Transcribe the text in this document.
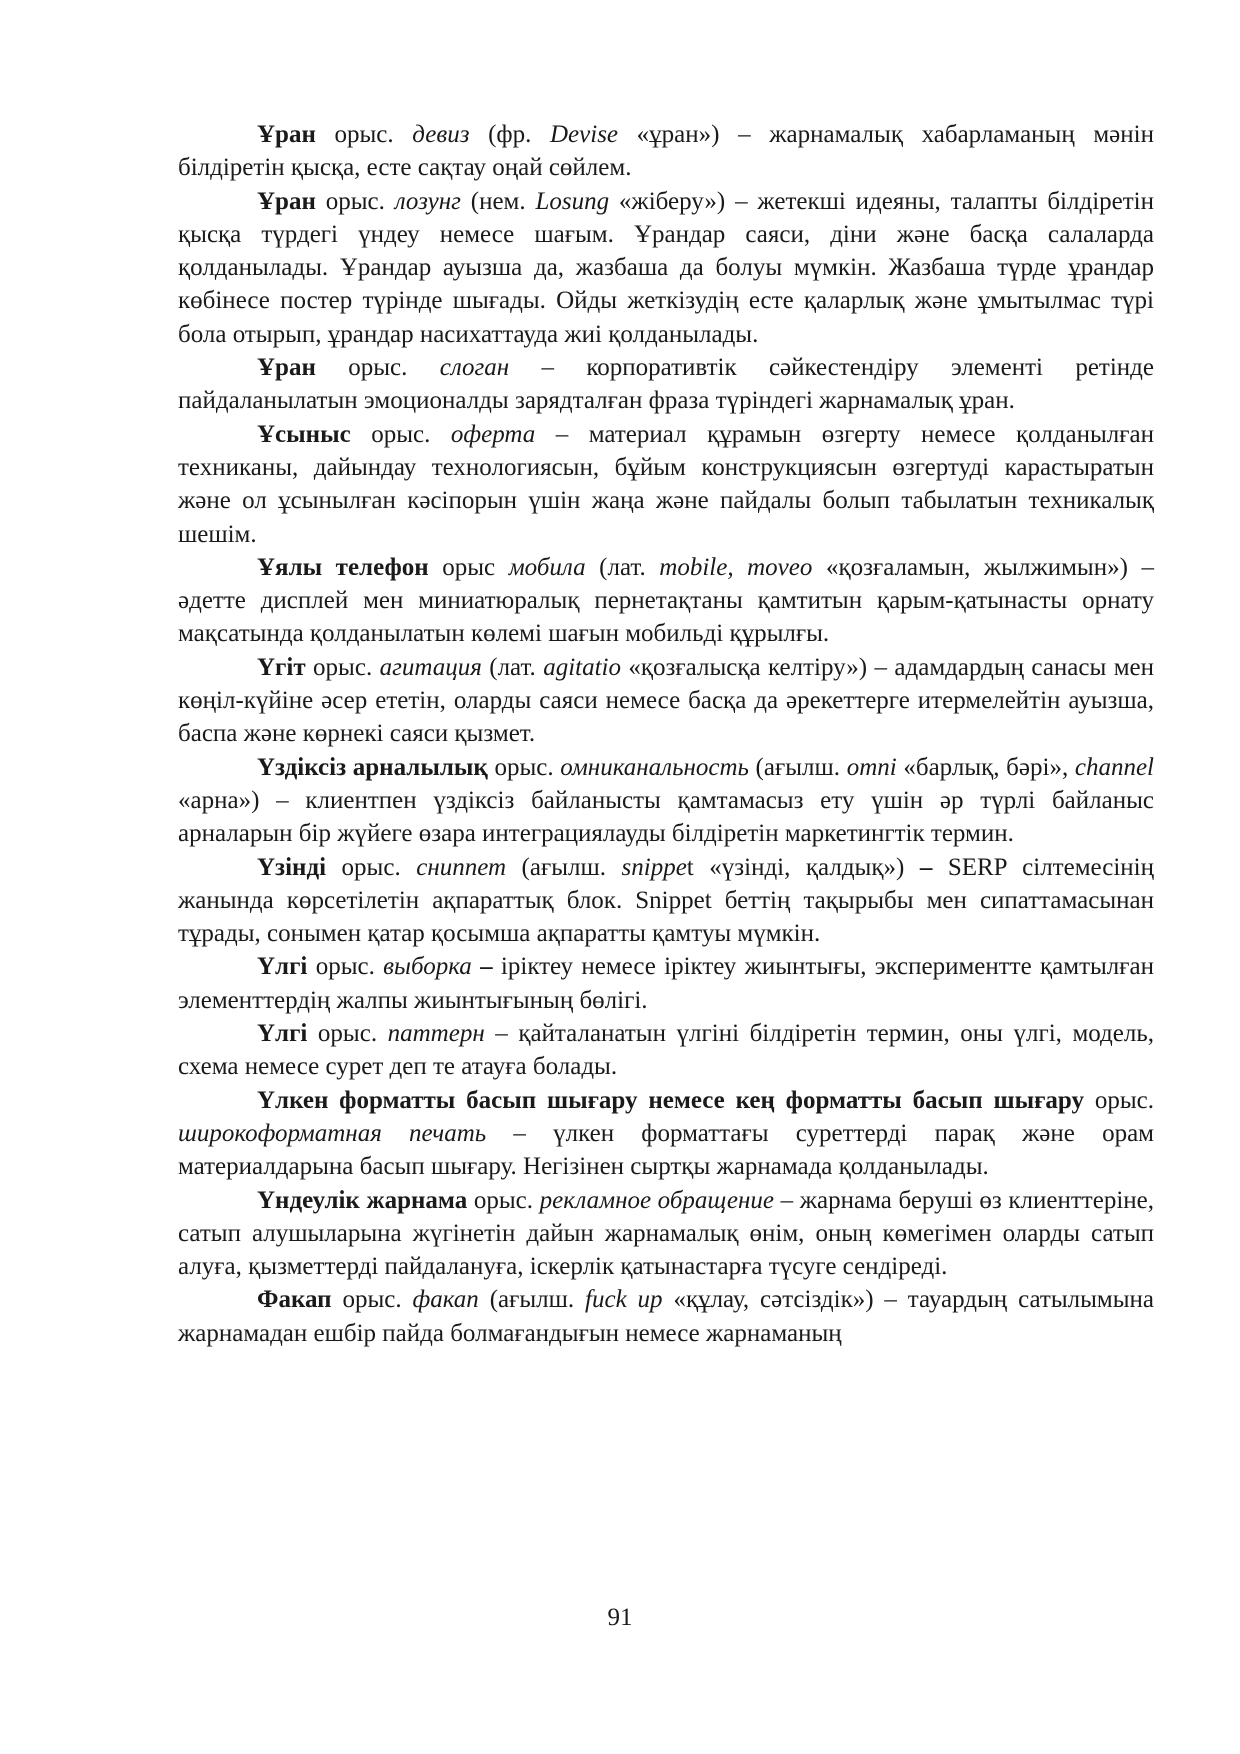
Ұран орыс. девиз (фр. Devise «ұран») – жарнамалық хабарламаның мәнін білдіретін қысқа, есте сақтау оңай сөйлем.

Ұран орыс. лозунг (нем. Losung «жіберу») – жетекші идеяны, талапты білдіретін қысқа түрдегі үндеу немесе шағым. Ұрандар саяси, діни және басқа салаларда қолданылады. Ұрандар ауызша да, жазбаша да болуы мүмкін. Жазбаша түрде ұрандар көбінесе постер түрінде шығады. Ойды жеткізудің есте қаларлық және ұмытылмас түрі бола отырып, ұрандар насихаттауда жиі қолданылады.

Ұран орыс. слоган – корпоративтік сәйкестендіру элементі ретінде пайдаланылатын эмоционалды зарядталған фраза түріндегі жарнамалық ұран.

Ұсыныс орыс. оферта – материал құрамын өзгерту немесе қолданылған техниканы, дайындау технологиясын, бұйым конструкциясын өзгертуді карастыратын және ол ұсынылған кәсіпорын үшін жаңа және пайдалы болып табылатын техникалық шешім.

Ұялы телефон орыс мобила (лат. mobile, moveo «қозғаламын, жылжимын») – әдетте дисплей мен миниатюралық пернетақтаны қамтитын қарым-қатынасты орнату мақсатында қолданылатын көлемі шағын мобильді құрылғы.

Үгіт орыс. агитация (лат. agitatio «қозғалысқа келтіру») – адамдардың санасы мен көңіл-күйіне әсер ететін, оларды саяси немесе басқа да әрекеттерге итермелейтін ауызша, баспа және көрнекі саяси қызмет.

Үздіксіз арналылық орыс. омниканальность (ағылш. omni «барлық, бәрі», channel «арна») – клиентпен үздіксіз байланысты қамтамасыз ету үшін әр түрлі байланыс арналарын бір жүйеге өзара интеграциялауды білдіретін маркетингтік термин.

Үзінді орыс. сниппет (ағылш. snippet «үзінді, қалдық») – SERP сілтемесінің жанында көрсетілетін ақпараттық блок. Snippet беттің тақырыбы мен сипаттамасынан тұрады, сонымен қатар қосымша ақпаратты қамтуы мүмкін.

Үлгі орыс. выборка – іріктеу немесе іріктеу жиынтығы, экспериментте қамтылған элементтердің жалпы жиынтығының бөлігі.

Үлгі орыс. паттерн – қайталанатын үлгіні білдіретін термин, оны үлгі, модель, схема немесе сурет деп те атауға болады.

Үлкен форматты басып шығару немесе кең форматты басып шығару орыс. широкоформатная печать – үлкен форматтағы суреттерді парақ және орам материалдарына басып шығару. Негізінен сыртқы жарнамада қолданылады.

Үндеулік жарнама орыс. рекламное обращение – жарнама беруші өз клиенттеріне, сатып алушыларына жүгінетін дайын жарнамалық өнім, оның көмегімен оларды сатып алуға, қызметтерді пайдалануға, іскерлік қатынастарға түсуге сендіреді.

Факап орыс. факап (ағылш. fuck up «құлау, сәтсіздік») – тауардың сатылымына жарнамадан ешбір пайда болмағандығын немесе жарнаманың

91
